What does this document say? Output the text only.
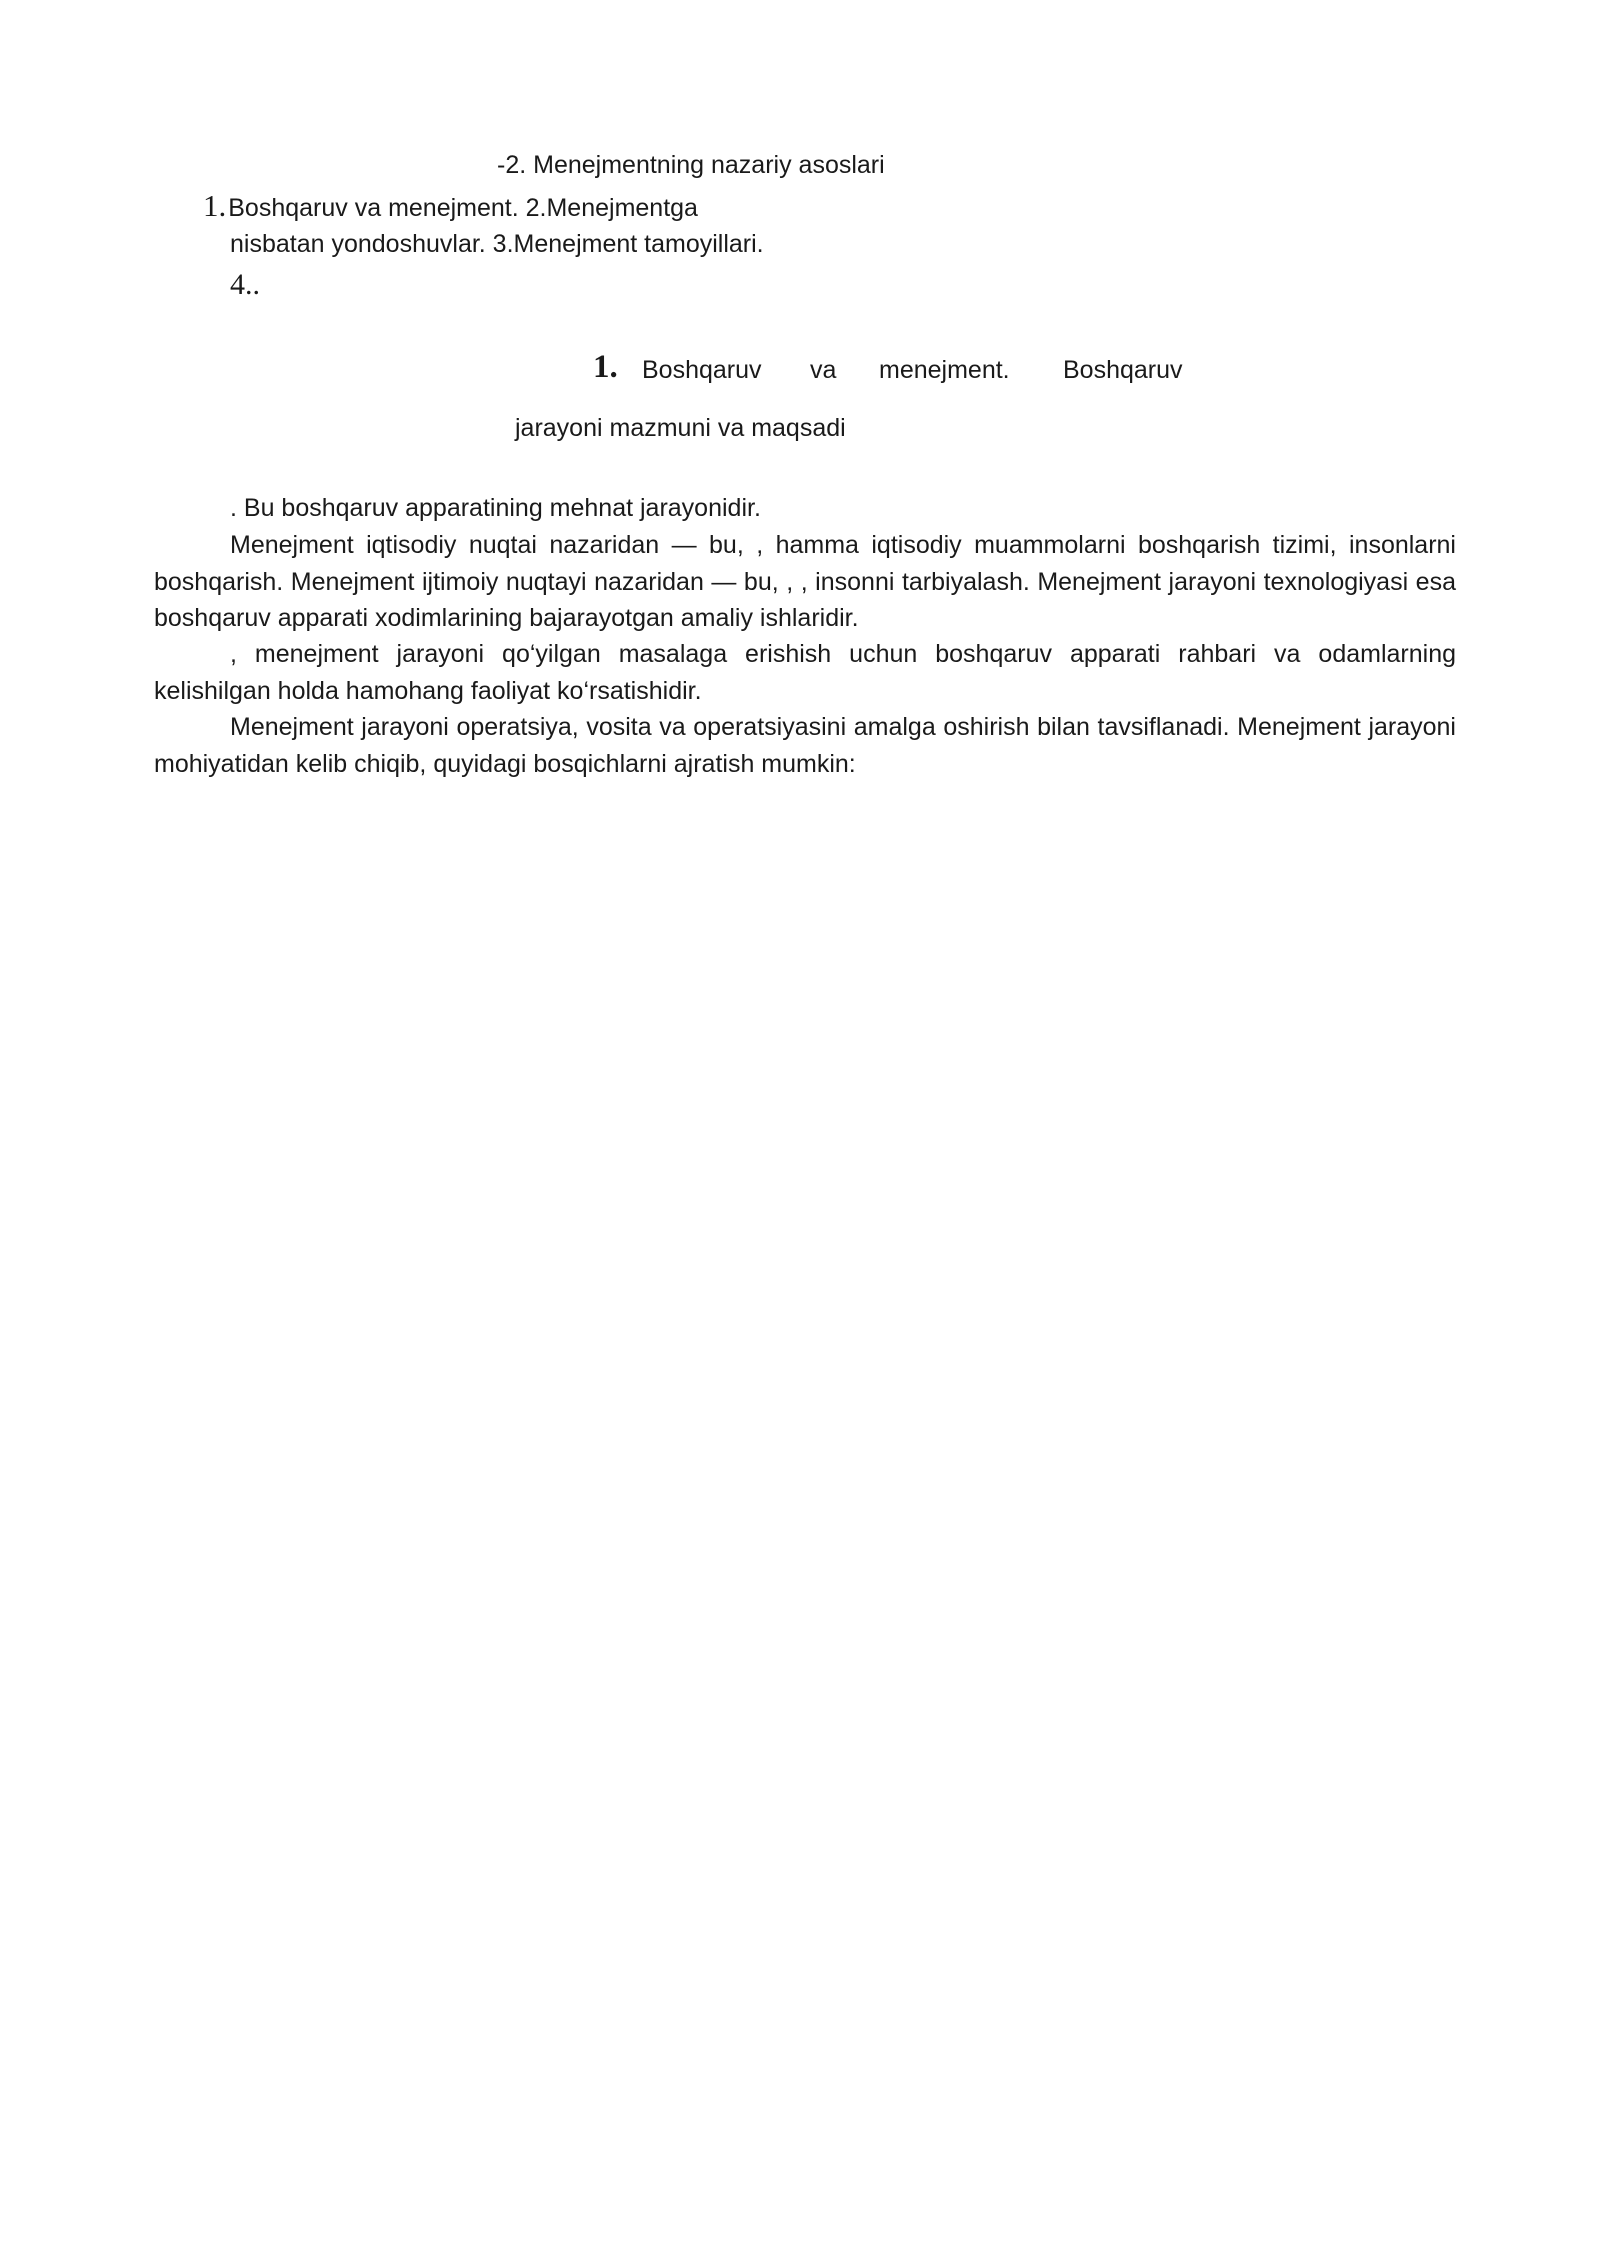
-2. Menejmentning nazariy asoslari
1.Boshqaruv va menejment. 2.Menejmentga
nisbatan yondoshuvlar. 3.Menejment tamoyillari.
4..
1. Boshqaruv va menejment. Boshqaruv
jarayoni mazmuni va maqsadi
. Bu boshqaruv apparatining mehnat jarayonidir.
Menejment iqtisodiy nuqtai nazaridan — bu, , hamma iqtisodiy muammolarni boshqarish tizimi, insonlarni boshqarish. Menejment ijtimoiy nuqtayi nazaridan — bu, , , insonni tarbiyalash. Menejment jarayoni texnologiyasi esa boshqaruv apparati xodimlarining bajarayotgan amaliy ishlaridir.
, menejment jarayoni qo‘yilgan masalaga erishish uchun boshqaruv apparati rahbari va odamlarning kelishilgan holda hamohang faoliyat ko‘rsatishidir.
Menejment jarayoni operatsiya, vosita va operatsiyasini amalga oshirish bilan tavsiflanadi. Menejment jarayoni mohiyatidan kelib chiqib, quyidagi bosqichlarni ajratish mumkin:
